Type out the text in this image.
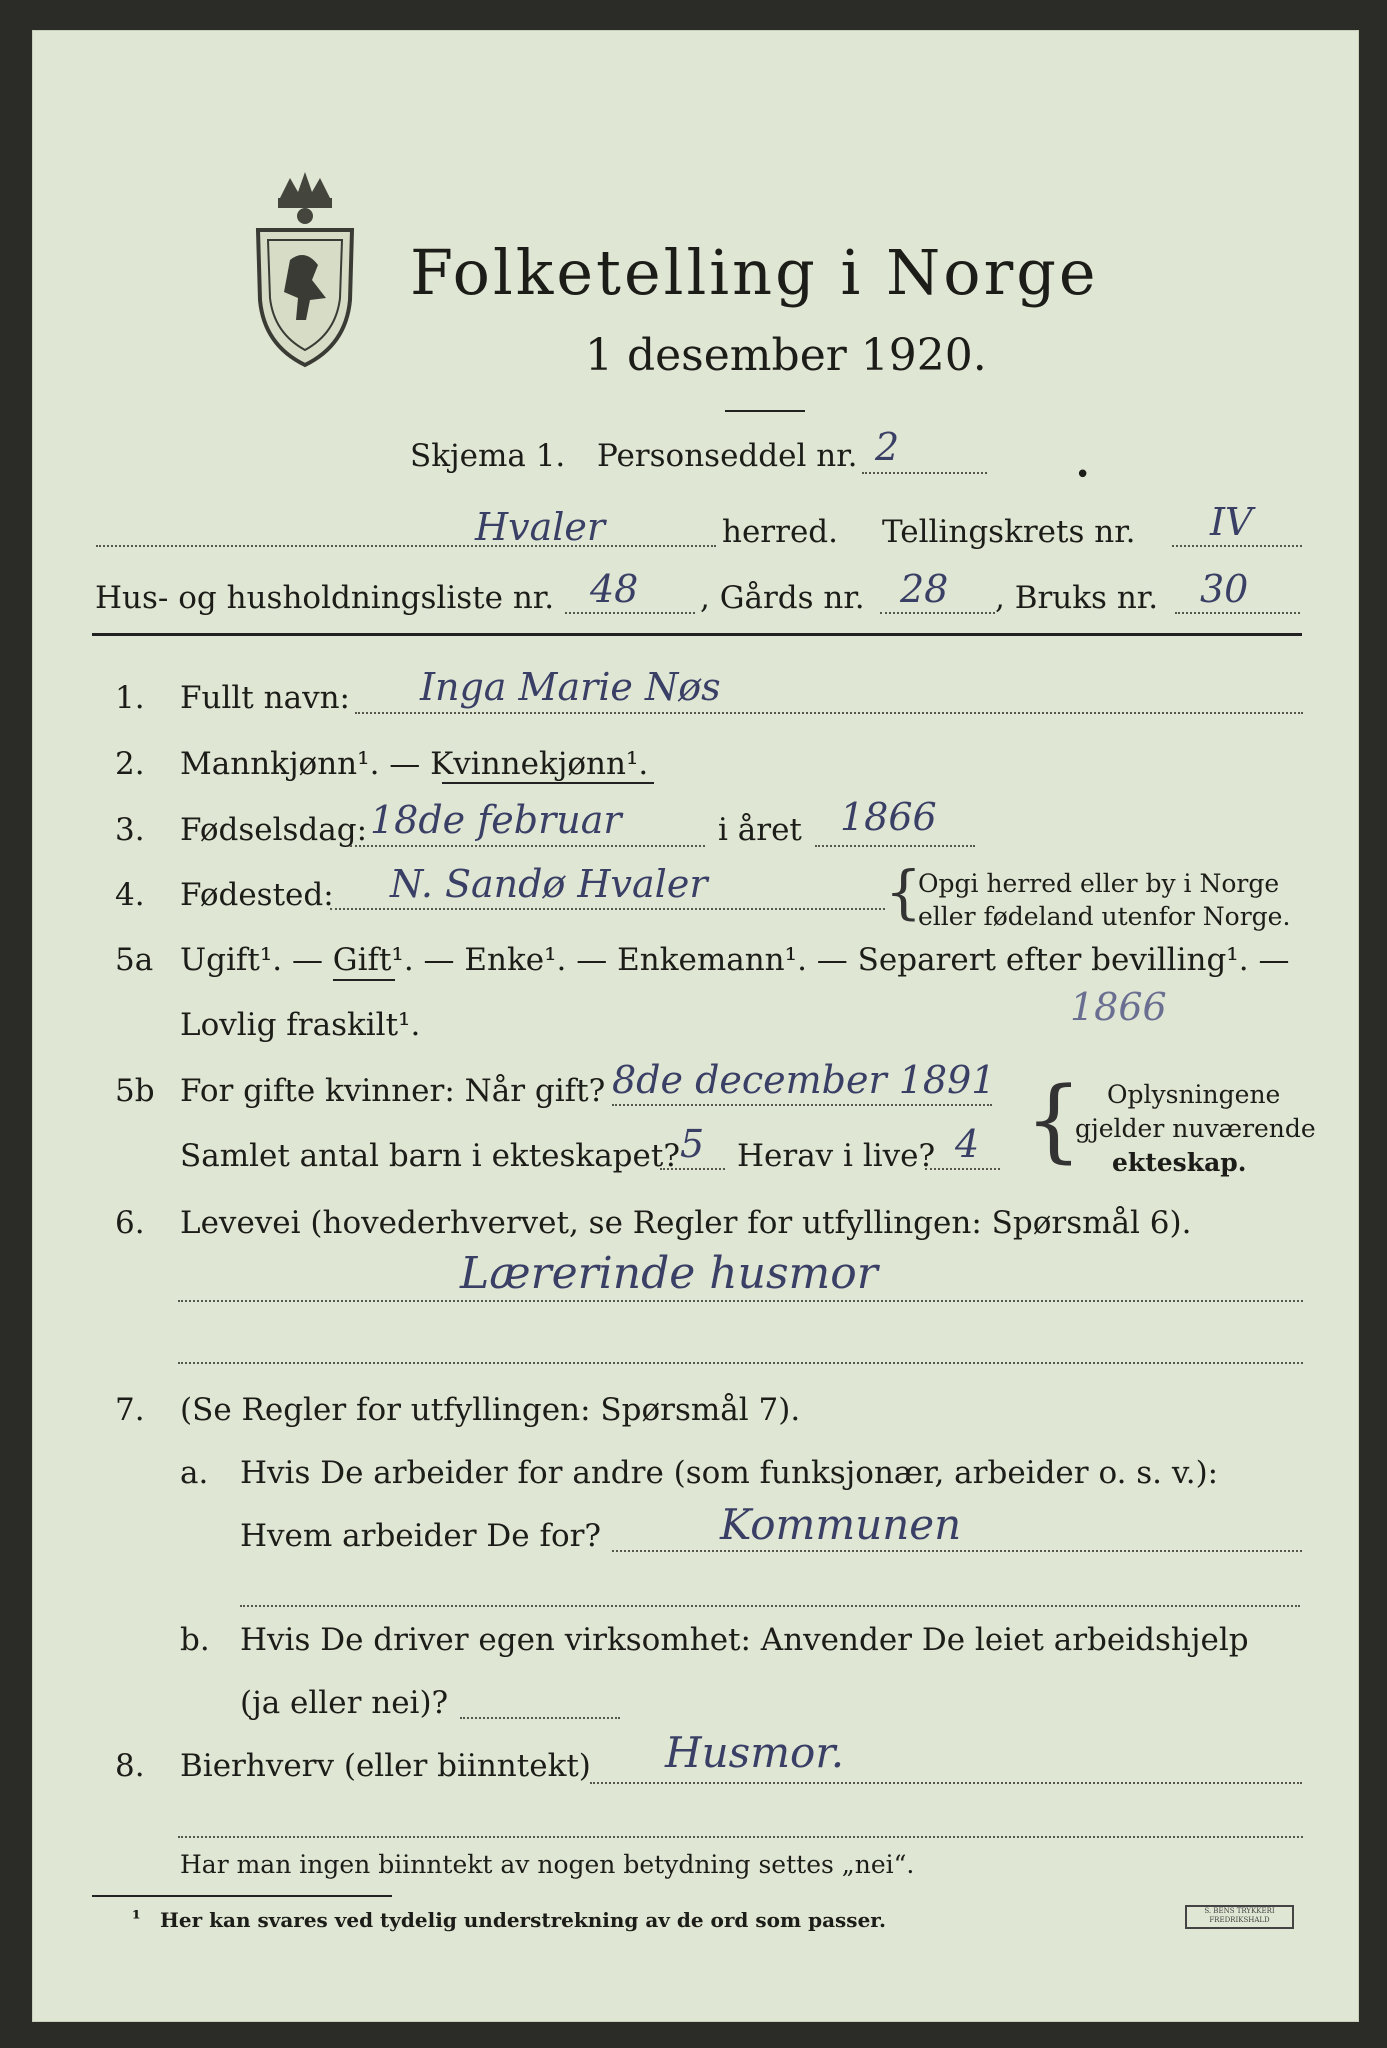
Folketelling i Norge
1 desember 1920.
Skjema 1. Personseddel nr. 2
•
Hvaler	herred. Tellingskrets nr. IV
Hus- og husholdningsliste nr. 48 , Gårds nr. 28 , Bruks nr. 30
1. Fullt navn: Inga Marie Nøs
2. Mannkjønn¹. — Kvinnekjønn¹.
3. Fødselsdag: 18de februar	i året 1866
4. Fødested: N. Sandø Hvaler	{
Opgi herred eller by i Norge
eller fødeland utenfor Norge.
5a Ugift¹. — Gift¹. — Enke¹. — Enkemann¹. — Separert efter bevilling¹. —
Lovlig fraskilt¹.	1866
5b For gifte kvinner: Når gift? 8de december 1891
Samlet antal barn i ekteskapet? 5 Herav i live? 4 { Oplysningene
gjelder nuværende
ekteskap.
6. Levevei (hovederhvervet, se Regler for utfyllingen: Spørsmål 6).
Lærerinde husmor
7. (Se Regler for utfyllingen: Spørsmål 7).
a. Hvis De arbeider for andre (som funksjonær, arbeider o. s. v.):
Hvem arbeider De for?	Kommunen
b. Hvis De driver egen virksomhet: Anvender De leiet arbeidshjelp
(ja eller nei)?
8. Bierhverv (eller biinntekt) Husmor.
Har man ingen biinntekt av nogen betydning settes „nei“.
¹ Her kan svares ved tydelig understrekning av de ord som passer.	S. BENS TRYKKERI FREDRIKSHALD
